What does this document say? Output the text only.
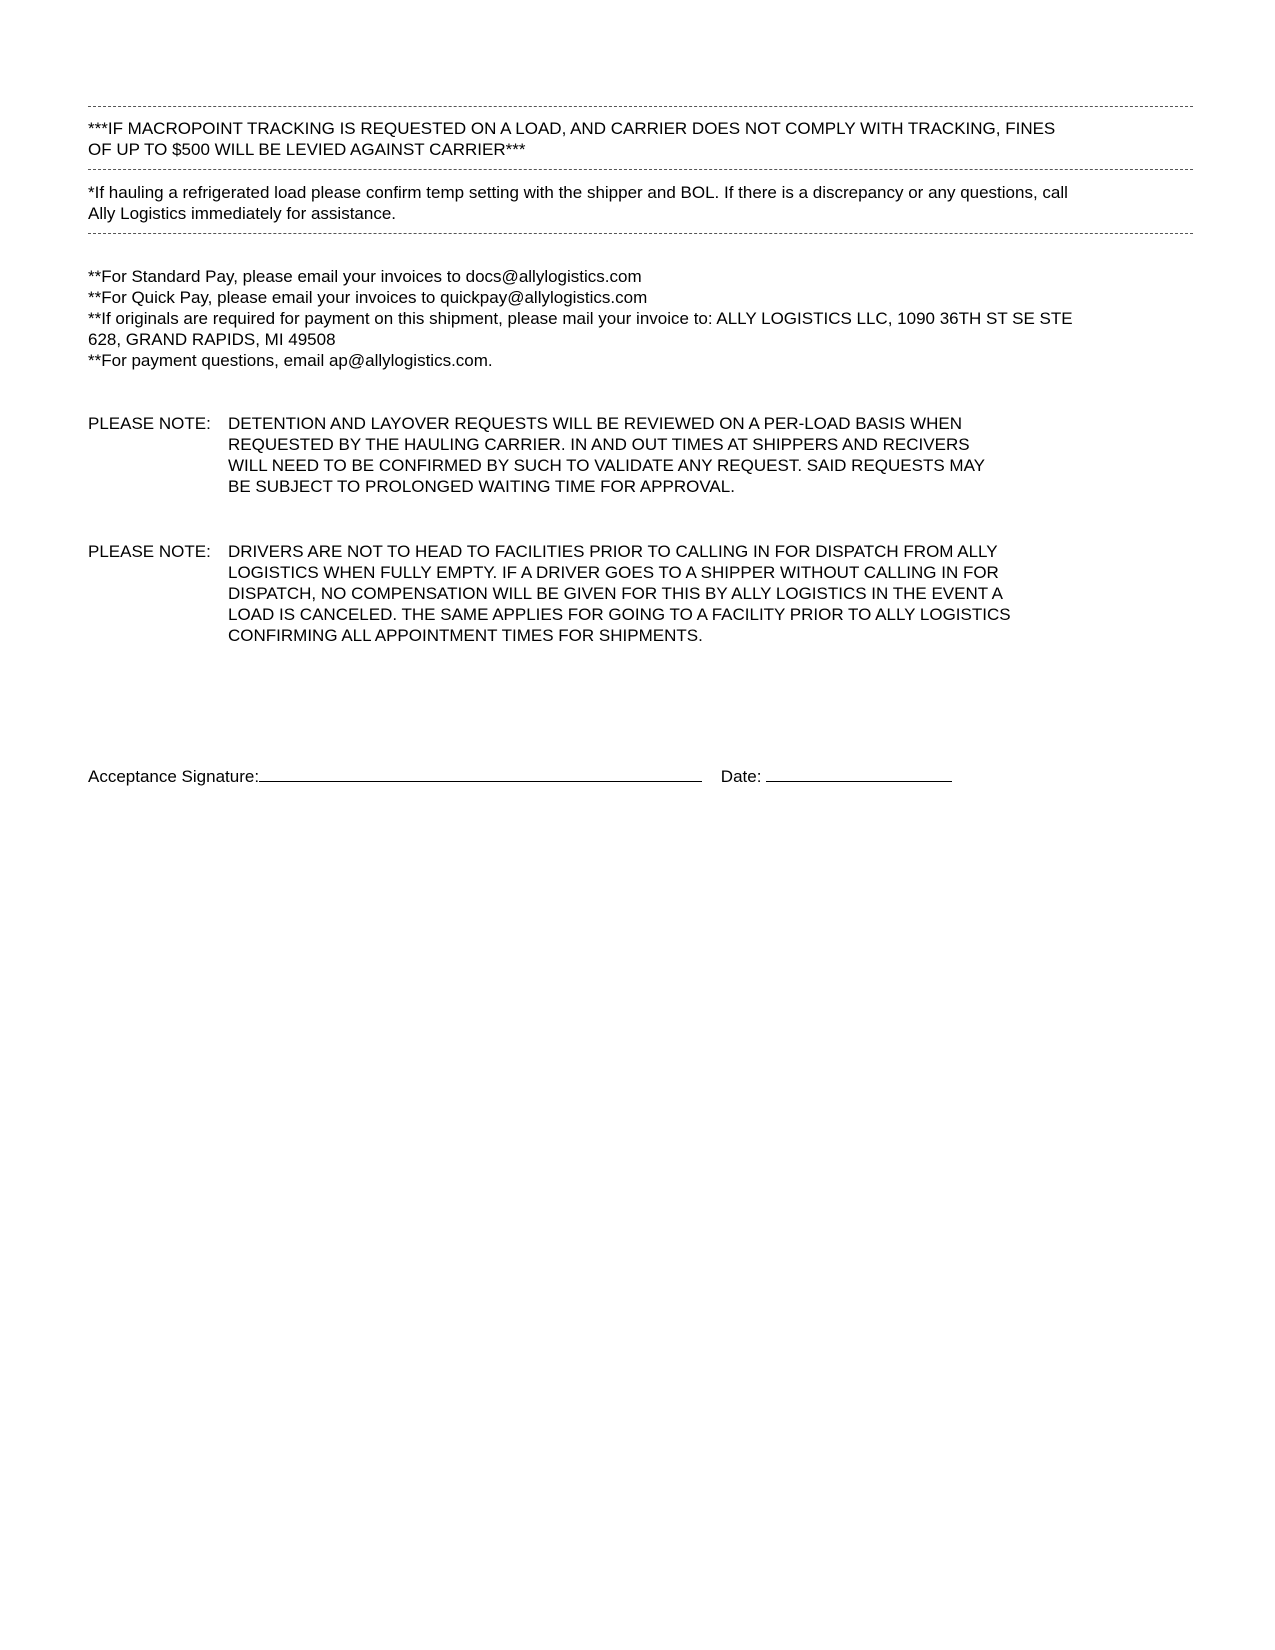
***IF MACROPOINT TRACKING IS REQUESTED ON A LOAD, AND CARRIER DOES NOT COMPLY WITH TRACKING, FINES
OF UP TO $500 WILL BE LEVIED AGAINST CARRIER***
*If hauling a refrigerated load please confirm temp setting with the shipper and BOL. If there is a discrepancy or any questions, call
Ally Logistics immediately for assistance.
**For Standard Pay, please email your invoices to docs@allylogistics.com
**For Quick Pay, please email your invoices to quickpay@allylogistics.com
**If originals are required for payment on this shipment, please mail your invoice to: ALLY LOGISTICS LLC, 1090 36TH ST SE STE
628, GRAND RAPIDS, MI 49508
**For payment questions, email ap@allylogistics.com.
PLEASE NOTE: DETENTION AND LAYOVER REQUESTS WILL BE REVIEWED ON A PER-LOAD BASIS WHEN
REQUESTED BY THE HAULING CARRIER. IN AND OUT TIMES AT SHIPPERS AND RECIVERS
WILL NEED TO BE CONFIRMED BY SUCH TO VALIDATE ANY REQUEST. SAID REQUESTS MAY
BE SUBJECT TO PROLONGED WAITING TIME FOR APPROVAL.
PLEASE NOTE: DRIVERS ARE NOT TO HEAD TO FACILITIES PRIOR TO CALLING IN FOR DISPATCH FROM ALLY
LOGISTICS WHEN FULLY EMPTY. IF A DRIVER GOES TO A SHIPPER WITHOUT CALLING IN FOR
DISPATCH, NO COMPENSATION WILL BE GIVEN FOR THIS BY ALLY LOGISTICS IN THE EVENT A
LOAD IS CANCELED. THE SAME APPLIES FOR GOING TO A FACILITY PRIOR TO ALLY LOGISTICS
CONFIRMING ALL APPOINTMENT TIMES FOR SHIPMENTS.
Acceptance Signature:	Date:
